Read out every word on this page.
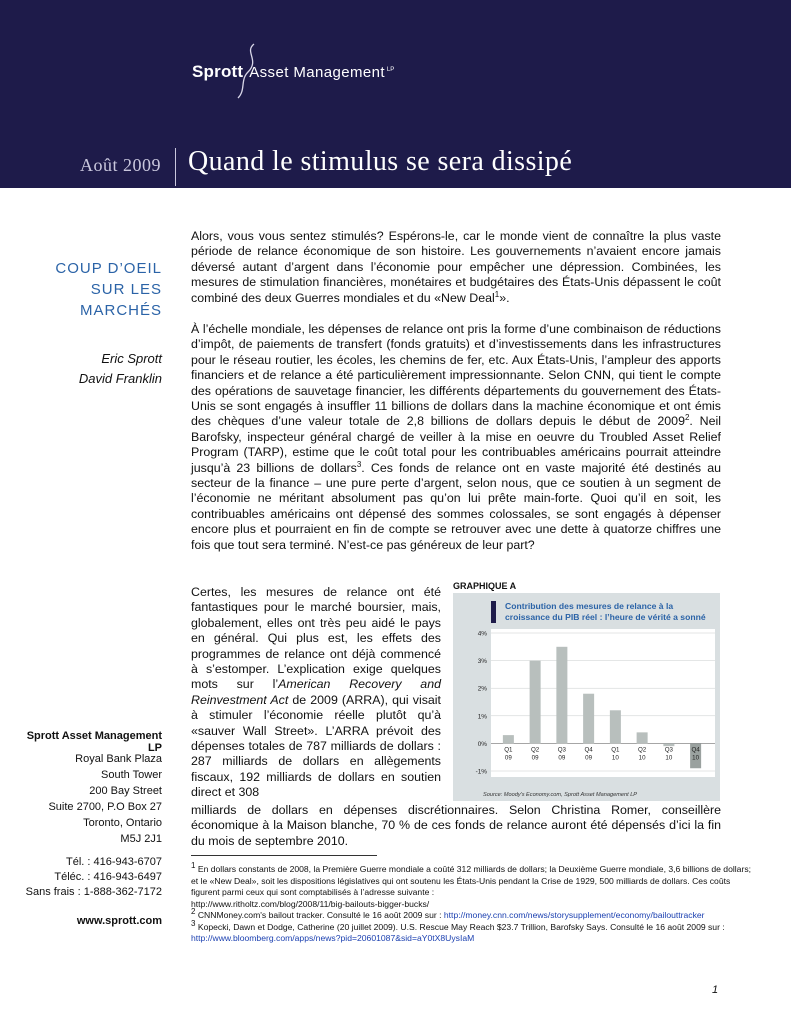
Sprott Asset Management $^{LP}$
Août 2009 Quand le stimulus se sera dissipé
COUP D’OEIL
SUR LES
MARCHÉS
Eric Sprott
David Franklin
Sprott Asset Management LP
Royal Bank Plaza
South Tower
200 Bay Street
Suite 2700, P.O Box 27
Toronto, Ontario
M5J 2J1
Tél. : 416-943-6707
Téléc. : 416-943-6497
Sans frais : 1-888-362-7172
www.sprott.com
Alors, vous vous sentez stimulés? Espérons-le, car le monde vient de connaître la plus vaste période de relance économique de son histoire. Les gouvernements n’avaient encore jamais déversé autant d’argent dans l’économie pour empêcher une dépression. Combinées, les mesures de stimulation financières, monétaires et budgétaires des États-Unis dépassent le coût combiné des deux Guerres mondiales et du «New Deal$^1$».
À l’échelle mondiale, les dépenses de relance ont pris la forme d’une combinaison de réductions d’impôt, de paiements de transfert (fonds gratuits) et d’investissements dans les infrastructures pour le réseau routier, les écoles, les chemins de fer, etc. Aux États-Unis, l’ampleur des apports financiers et de relance a été particulièrement impressionnante. Selon CNN, qui tient le compte des opérations de sauvetage financier, les différents départements du gouvernement des États-Unis se sont engagés à insuffler 11 billions de dollars dans la machine économique et ont émis des chèques d’une valeur totale de 2,8 billions de dollars depuis le début de 2009$^2$. Neil Barofsky, inspecteur général chargé de veiller à la mise en oeuvre du Troubled Asset Relief Program (TARP), estime que le coût total pour les contribuables américains pourrait atteindre jusqu’à 23 billions de dollars$^3$. Ces fonds de relance ont en vaste majorité été destinés au secteur de la finance – une pure perte d’argent, selon nous, que ce soutien à un segment de l’économie ne méritant absolument pas qu’on lui prête main-forte. Quoi qu’il en soit, les contribuables américains ont dépensé des sommes colossales, se sont engagés à dépenser encore plus et pourraient en fin de compte se retrouver avec une dette à quatorze chiffres une fois que tout sera terminé. N’est-ce pas généreux de leur part?
Certes, les mesures de relance ont été fantastiques pour le marché boursier, mais, globalement, elles ont très peu aidé le pays en général. Qui plus est, les effets des programmes de relance ont déjà commencé à s’estomper. L’explication exige quelques mots sur l’American Recovery and Reinvestment Act de 2009 (ARRA), qui visait à stimuler l’économie réelle plutôt qu’à «sauver Wall Street». L’ARRA prévoit des dépenses totales de 787 milliards de dollars : 287 milliards de dollars en allègements fiscaux, 192 milliards de dollars en soutien direct et 308
milliards de dollars en dépenses discrétionnaires. Selon Christina Romer, conseillère économique à la Maison blanche, 70 % de ces fonds de relance auront été dépensés d’ici la fin du mois de septembre 2010.
GRAPHIQUE A
Contribution des mesures de relance à la
croissance du PIB réel : l’heure de vérité a sonné
4%
3%
2%
1%
0%
-1%
Q1
09
Q2
09
Q3
09
Q4
09
Q1
10
Q2
10
Q3
10
Q4
10
Source: Moody's Economy.com, Sprott Asset Management LP
$^1$ En dollars constants de 2008, la Première Guerre mondiale a coûté 312 milliards de dollars; la Deuxième Guerre mondiale, 3,6 billions de dollars; et le «New Deal», soit les dispositions législatives qui ont soutenu les États-Unis pendant la Crise de 1929, 500 milliards de dollars. Ces coûts figurent parmi ceux qui sont comptabilisés à l’adresse suivante :
http://www.ritholtz.com/blog/2008/11/big-bailouts-bigger-bucks/
$^2$ CNNMoney.com's bailout tracker. Consulté le 16 août 2009 sur : http://money.cnn.com/news/storysupplement/economy/bailouttracker
$^3$ Kopecki, Dawn et Dodge, Catherine (20 juillet 2009). U.S. Rescue May Reach $23.7 Trillion, Barofsky Says. Consulté le 16 août 2009 sur :
http://www.bloomberg.com/apps/news?pid=20601087&sid=aY0tX8UysIaM
1
